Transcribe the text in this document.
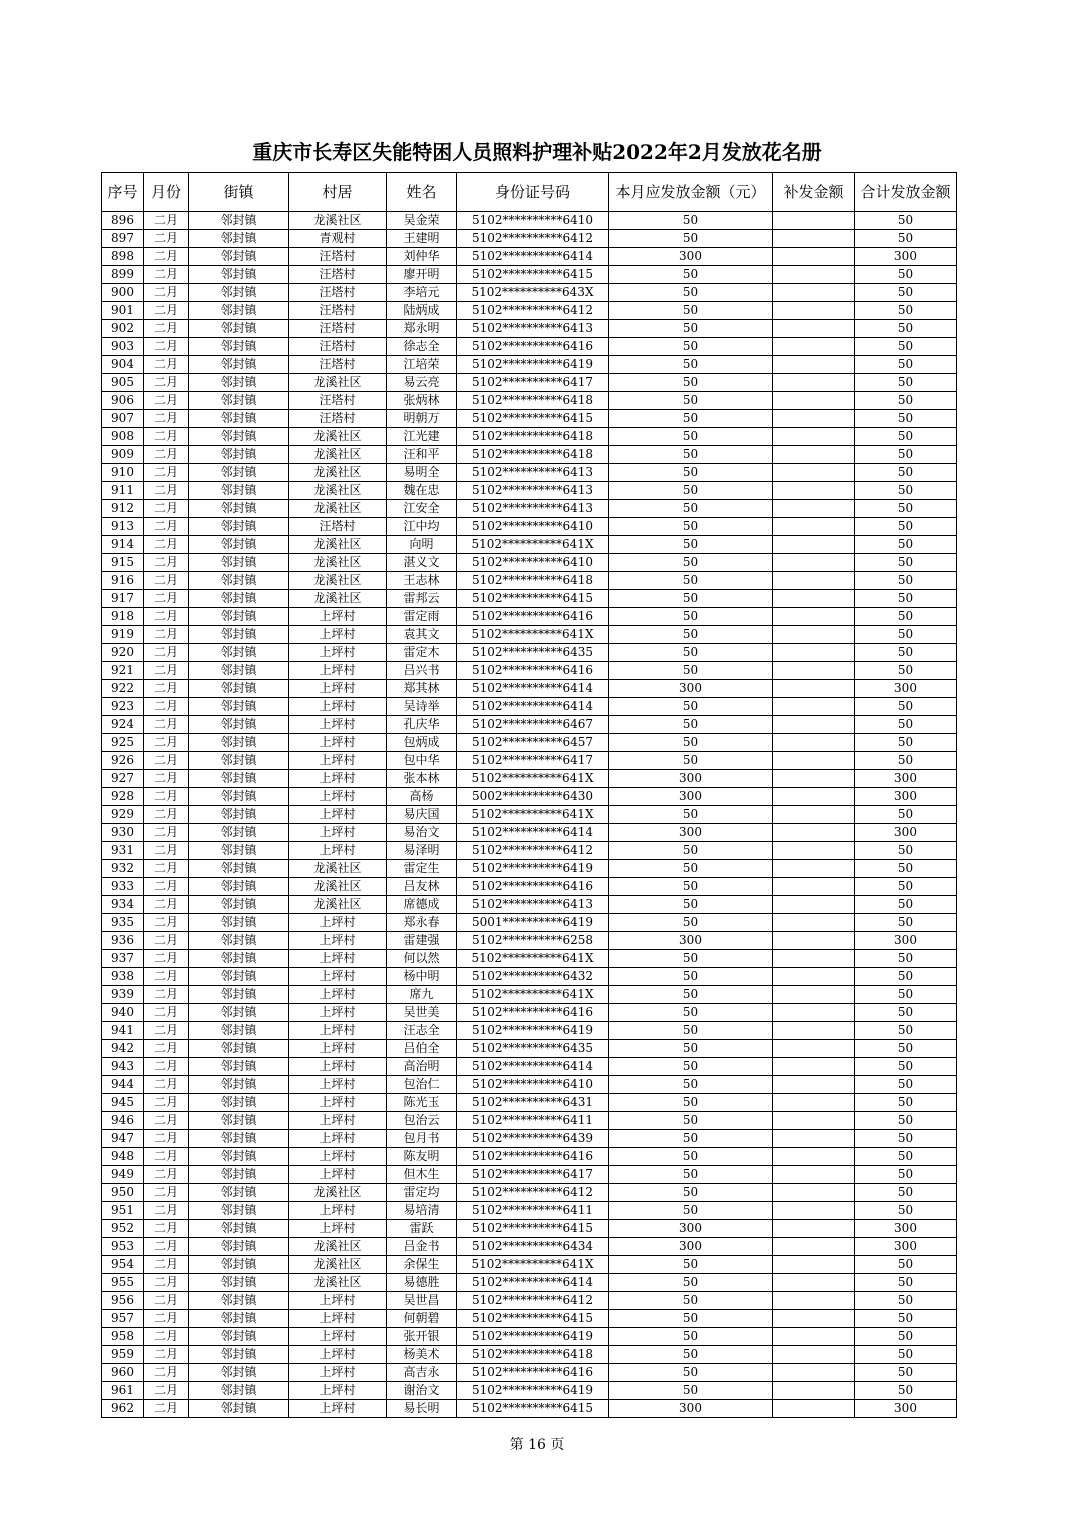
重庆市长寿区失能特困人员照料护理补贴2022年2月发放花名册
序号	月份	街镇	村居	姓名	身份证号码	本月应发放金额（元）	补发金额	合计发放金额
896	二月	邻封镇	龙溪社区	吴金荣	5102**********6410	50		50
897	二月	邻封镇	青观村	王建明	5102**********6412	50		50
898	二月	邻封镇	汪塔村	刘仲华	5102**********6414	300		300
899	二月	邻封镇	汪塔村	廖开明	5102**********6415	50		50
900	二月	邻封镇	汪塔村	李培元	5102**********643X	50		50
901	二月	邻封镇	汪塔村	陆炳成	5102**********6412	50		50
902	二月	邻封镇	汪塔村	郑永明	5102**********6413	50		50
903	二月	邻封镇	汪塔村	徐志全	5102**********6416	50		50
904	二月	邻封镇	汪塔村	江培荣	5102**********6419	50		50
905	二月	邻封镇	龙溪社区	易云亮	5102**********6417	50		50
906	二月	邻封镇	汪塔村	张炳林	5102**********6418	50		50
907	二月	邻封镇	汪塔村	明朝万	5102**********6415	50		50
908	二月	邻封镇	龙溪社区	江光建	5102**********6418	50		50
909	二月	邻封镇	龙溪社区	汪和平	5102**********6418	50		50
910	二月	邻封镇	龙溪社区	易明全	5102**********6413	50		50
911	二月	邻封镇	龙溪社区	魏在忠	5102**********6413	50		50
912	二月	邻封镇	龙溪社区	江安全	5102**********6413	50		50
913	二月	邻封镇	汪塔村	江中均	5102**********6410	50		50
914	二月	邻封镇	龙溪社区	向明	5102**********641X	50		50
915	二月	邻封镇	龙溪社区	湛义文	5102**********6410	50		50
916	二月	邻封镇	龙溪社区	王志林	5102**********6418	50		50
917	二月	邻封镇	龙溪社区	雷邦云	5102**********6415	50		50
918	二月	邻封镇	上坪村	雷定雨	5102**********6416	50		50
919	二月	邻封镇	上坪村	袁其文	5102**********641X	50		50
920	二月	邻封镇	上坪村	雷定木	5102**********6435	50		50
921	二月	邻封镇	上坪村	吕兴书	5102**********6416	50		50
922	二月	邻封镇	上坪村	郑其林	5102**********6414	300		300
923	二月	邻封镇	上坪村	吴诗举	5102**********6414	50		50
924	二月	邻封镇	上坪村	孔庆华	5102**********6467	50		50
925	二月	邻封镇	上坪村	包炳成	5102**********6457	50		50
926	二月	邻封镇	上坪村	包中华	5102**********6417	50		50
927	二月	邻封镇	上坪村	张本林	5102**********641X	300		300
928	二月	邻封镇	上坪村	高杨	5002**********6430	300		300
929	二月	邻封镇	上坪村	易庆国	5102**********641X	50		50
930	二月	邻封镇	上坪村	易治文	5102**********6414	300		300
931	二月	邻封镇	上坪村	易泽明	5102**********6412	50		50
932	二月	邻封镇	龙溪社区	雷定生	5102**********6419	50		50
933	二月	邻封镇	龙溪社区	吕友林	5102**********6416	50		50
934	二月	邻封镇	龙溪社区	席德成	5102**********6413	50		50
935	二月	邻封镇	上坪村	郑永春	5001**********6419	50		50
936	二月	邻封镇	上坪村	雷建强	5102**********6258	300		300
937	二月	邻封镇	上坪村	何以然	5102**********641X	50		50
938	二月	邻封镇	上坪村	杨中明	5102**********6432	50		50
939	二月	邻封镇	上坪村	席九	5102**********641X	50		50
940	二月	邻封镇	上坪村	吴世美	5102**********6416	50		50
941	二月	邻封镇	上坪村	汪志全	5102**********6419	50		50
942	二月	邻封镇	上坪村	吕伯全	5102**********6435	50		50
943	二月	邻封镇	上坪村	高治明	5102**********6414	50		50
944	二月	邻封镇	上坪村	包治仁	5102**********6410	50		50
945	二月	邻封镇	上坪村	陈光玉	5102**********6431	50		50
946	二月	邻封镇	上坪村	包治云	5102**********6411	50		50
947	二月	邻封镇	上坪村	包月书	5102**********6439	50		50
948	二月	邻封镇	上坪村	陈友明	5102**********6416	50		50
949	二月	邻封镇	上坪村	但木生	5102**********6417	50		50
950	二月	邻封镇	龙溪社区	雷定均	5102**********6412	50		50
951	二月	邻封镇	上坪村	易培清	5102**********6411	50		50
952	二月	邻封镇	上坪村	雷跃	5102**********6415	300		300
953	二月	邻封镇	龙溪社区	吕金书	5102**********6434	300		300
954	二月	邻封镇	龙溪社区	余保生	5102**********641X	50		50
955	二月	邻封镇	龙溪社区	易德胜	5102**********6414	50		50
956	二月	邻封镇	上坪村	吴世昌	5102**********6412	50		50
957	二月	邻封镇	上坪村	何朝碧	5102**********6415	50		50
958	二月	邻封镇	上坪村	张开银	5102**********6419	50		50
959	二月	邻封镇	上坪村	杨美术	5102**********6418	50		50
960	二月	邻封镇	上坪村	高吉永	5102**********6416	50		50
961	二月	邻封镇	上坪村	谢治文	5102**********6419	50		50
962	二月	邻封镇	上坪村	易长明	5102**********6415	300		300
第 16 页
